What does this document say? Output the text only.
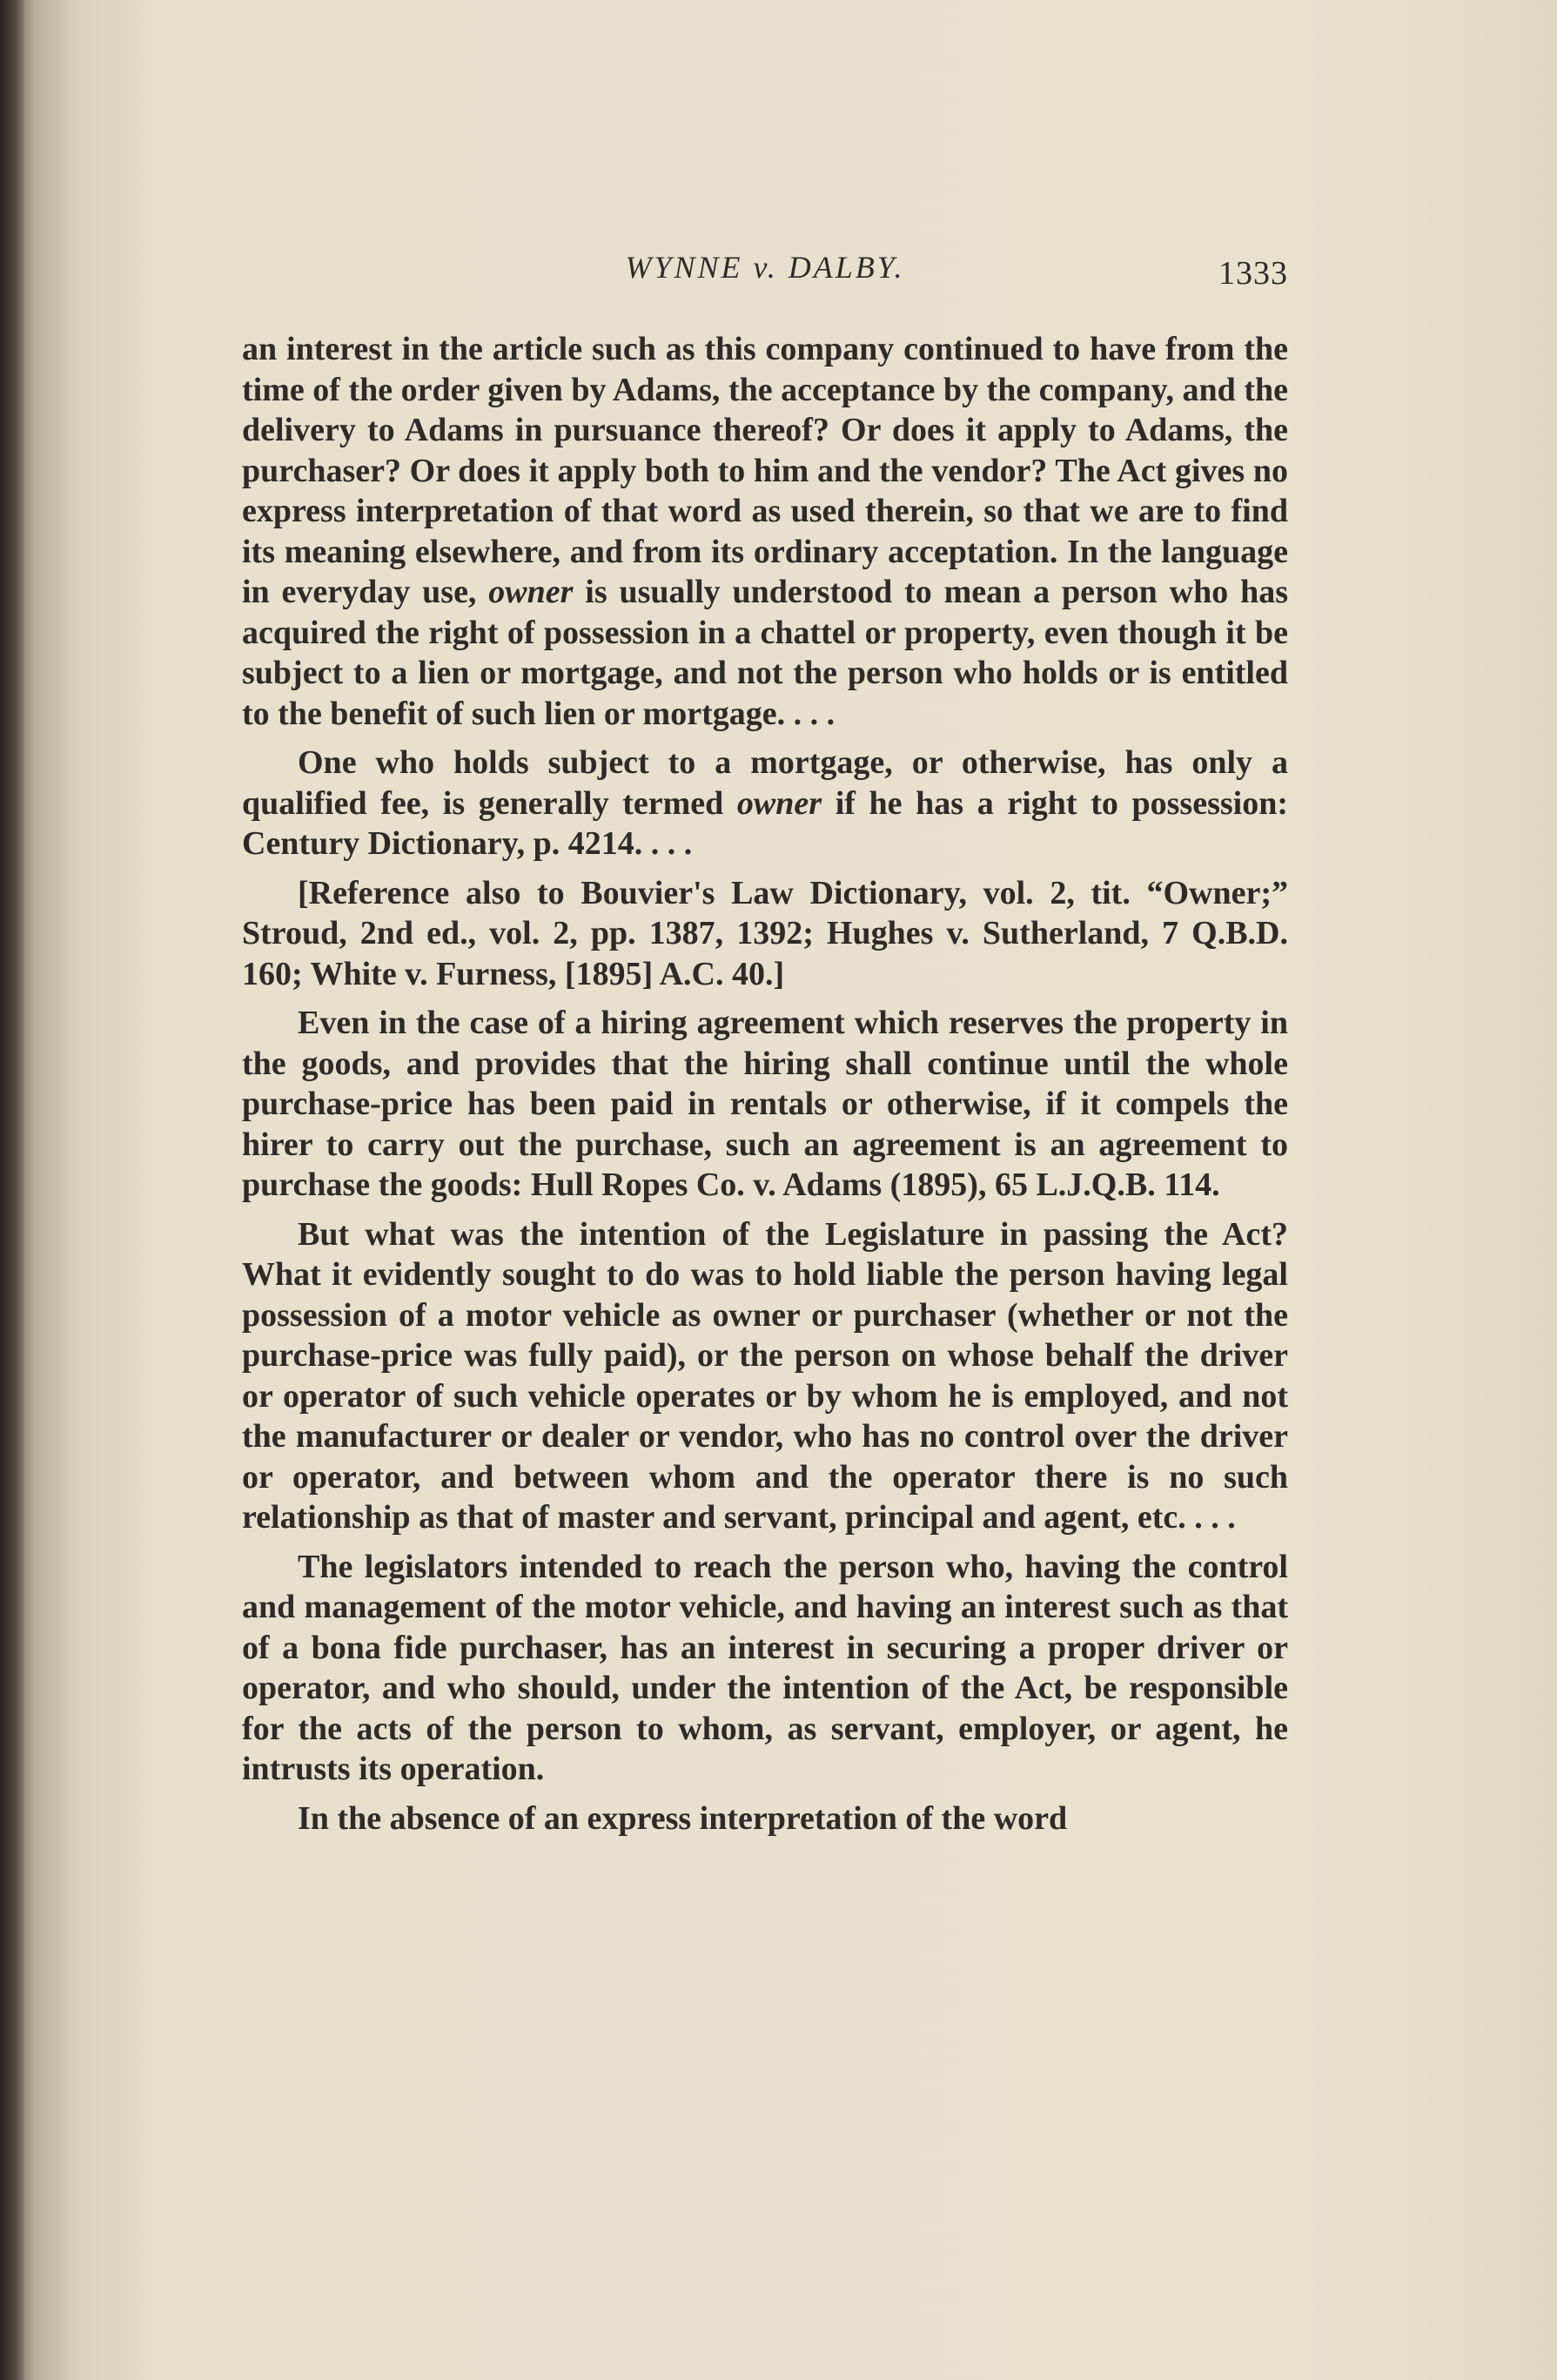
WYNNE v. DALBY.	1333

an interest in the article such as this company continued to have from the time of the order given by Adams, the acceptance by the company, and the delivery to Adams in pursuance thereof? Or does it apply to Adams, the purchaser? Or does it apply both to him and the vendor? The Act gives no express interpretation of that word as used therein, so that we are to find its meaning elsewhere, and from its ordinary acceptation. In the language in everyday use, owner is usually understood to mean a person who has acquired the right of possession in a chattel or property, even though it be subject to a lien or mortgage, and not the person who holds or is entitled to the benefit of such lien or mortgage. . . .

One who holds subject to a mortgage, or otherwise, has only a qualified fee, is generally termed owner if he has a right to possession: Century Dictionary, p. 4214. . . .

[Reference also to Bouvier's Law Dictionary, vol. 2, tit. “Owner;” Stroud, 2nd ed., vol. 2, pp. 1387, 1392; Hughes v. Sutherland, 7 Q.B.D. 160; White v. Furness, [1895] A.C. 40.]

Even in the case of a hiring agreement which reserves the property in the goods, and provides that the hiring shall continue until the whole purchase-price has been paid in rentals or otherwise, if it compels the hirer to carry out the purchase, such an agreement is an agreement to purchase the goods: Hull Ropes Co. v. Adams (1895), 65 L.J.Q.B. 114.

But what was the intention of the Legislature in passing the Act? What it evidently sought to do was to hold liable the person having legal possession of a motor vehicle as owner or purchaser (whether or not the purchase-price was fully paid), or the person on whose behalf the driver or operator of such vehicle operates or by whom he is employed, and not the manufacturer or dealer or vendor, who has no control over the driver or operator, and between whom and the operator there is no such relationship as that of master and servant, principal and agent, etc. . . .

The legislators intended to reach the person who, having the control and management of the motor vehicle, and having an interest such as that of a bona fide purchaser, has an interest in securing a proper driver or operator, and who should, under the intention of the Act, be responsible for the acts of the person to whom, as servant, employer, or agent, he intrusts its operation.

In the absence of an express interpretation of the word
